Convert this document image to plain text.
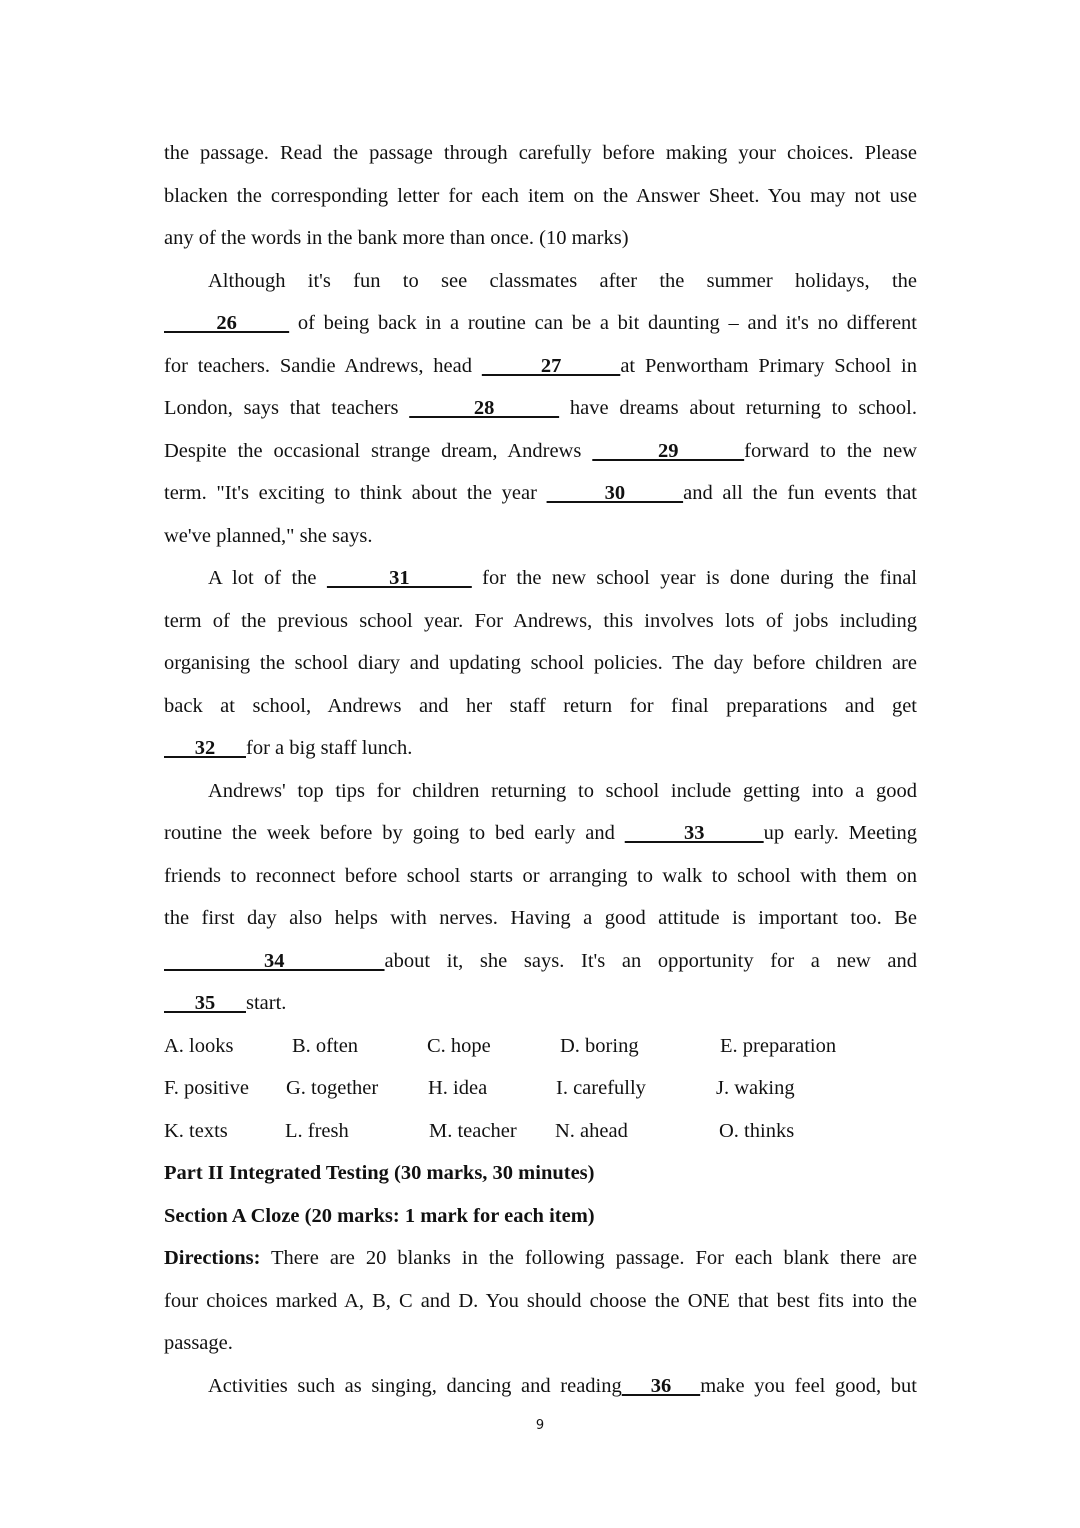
the passage. Read the passage through carefully before making your choices. Please
blacken the corresponding letter for each item on the Answer Sheet. You may not use
any of the words in the bank more than once. (10 marks)
Although it's fun to see classmates after the summer holidays, the
26       of being back in a routine can be a bit daunting – and it's no different
for teachers. Sandie Andrews, head       27      at Penwortham Primary School in
London, says that teachers       28       have dreams about returning to school.
Despite the occasional strange dream, Andrews       29      forward to the new
term. "It's exciting to think about the year       30      and all the fun events that
we've planned," she says.
A lot of the       31       for the new school year is done during the final
term of the previous school year. For Andrews, this involves lots of jobs including
organising the school diary and updating school policies. The day before children are
back at school, Andrews and her staff return for final preparations and get
32      for a big staff lunch.
Andrews' top tips for children returning to school include getting into a good
routine the week before by going to bed early and       33      up early. Meeting
friends to reconnect before school starts or arranging to walk to school with them on
the first day also helps with nerves. Having a good attitude is important too. Be
34      about it, she says. It's an opportunity for a new and
35      start.
A. looks	B. often	C. hope	D. boring	E. preparation
F. positive G. together H. idea	I. carefully	J. waking
K. texts	L. fresh	M. teacher N. ahead	O. thinks
Part II Integrated Testing (30 marks, 30 minutes)
Section A Cloze (20 marks: 1 mark for each item)
Directions: There are 20 blanks in the following passage. For each blank there are
four choices marked A, B, C and D. You should choose the ONE that best fits into the
passage.
Activities such as singing, dancing and reading   36   make you feel good, but
9
